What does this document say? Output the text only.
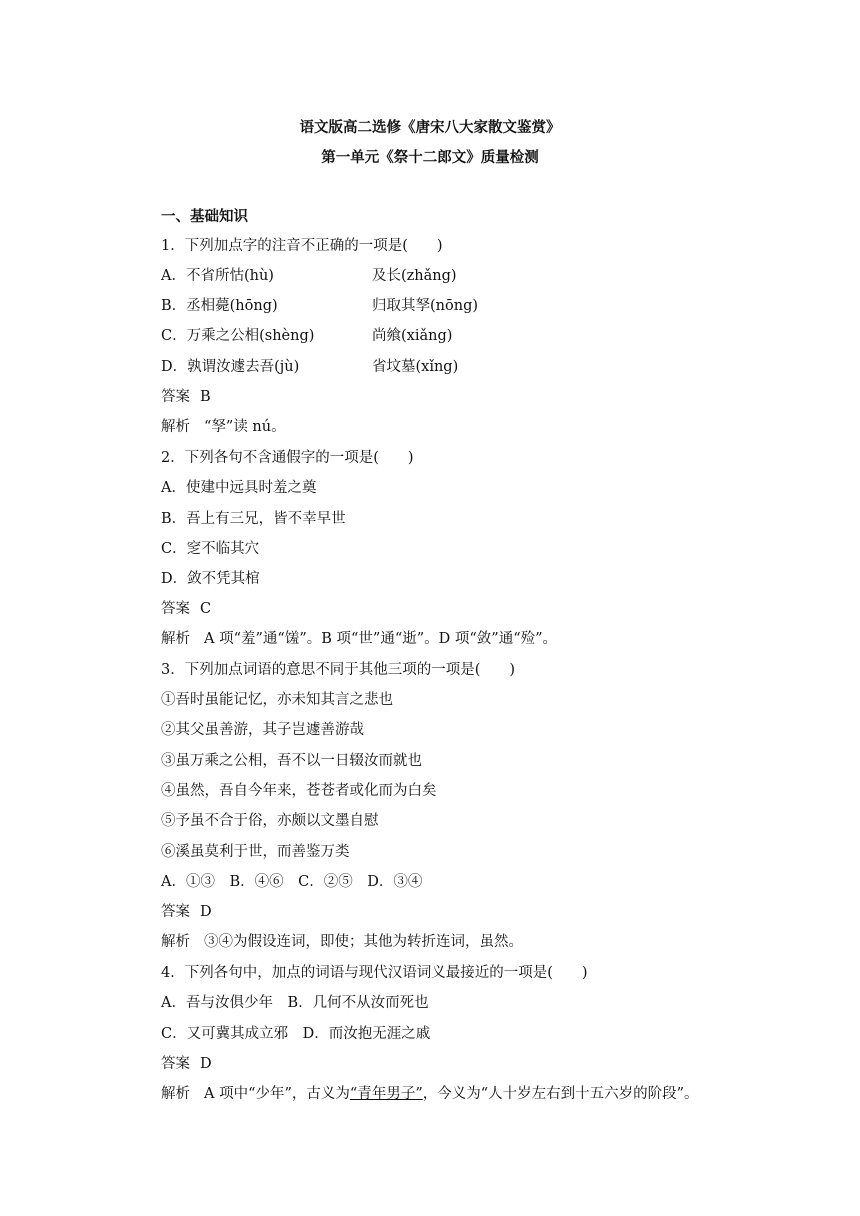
语文版高二选修《唐宋八大家散文鉴赏》
第一单元《祭十二郎文》质量检测
一、基础知识
1．下列加点字的注音不正确的一项是(　　)
A．不省所怙(hù)	及长(zhǎng)
B．丞相薨(hōng)	归取其孥(nōng)
C．万乘之公相(shèng)	尚飨(xiǎng)
D．孰谓汝遽去吾(jù)	省坟墓(xǐng)
答案 B
解析 “孥”读 nú。
2．下列各句不含通假字的一项是(　　)
A．使建中远具时羞之奠
B．吾上有三兄，皆不幸早世
C．窆不临其穴
D．敛不凭其棺
答案 C
解析 A 项“羞”通“馐”。B 项“世”通“逝”。D 项“敛”通“殓”。
3．下列加点词语的意思不同于其他三项的一项是(　　)
①吾时虽能记忆，亦未知其言之悲也
②其父虽善游，其子岂遽善游哉
③虽万乘之公相，吾不以一日辍汝而就也
④虽然，吾自今年来，苍苍者或化而为白矣
⑤予虽不合于俗，亦颇以文墨自慰
⑥溪虽莫利于世，而善鉴万类
A．①③　B．④⑥　C．②⑤　D．③④
答案 D
解析 ③④为假设连词，即使；其他为转折连词，虽然。
4．下列各句中，加点的词语与现代汉语词义最接近的一项是(　　)
A．吾与汝俱少年　B．几何不从汝而死也
C．又可冀其成立邪　D．而汝抱无涯之戚
答案 D
解析 A 项中“少年”，古义为“青年男子”，今义为“人十岁左右到十五六岁的阶段”。
